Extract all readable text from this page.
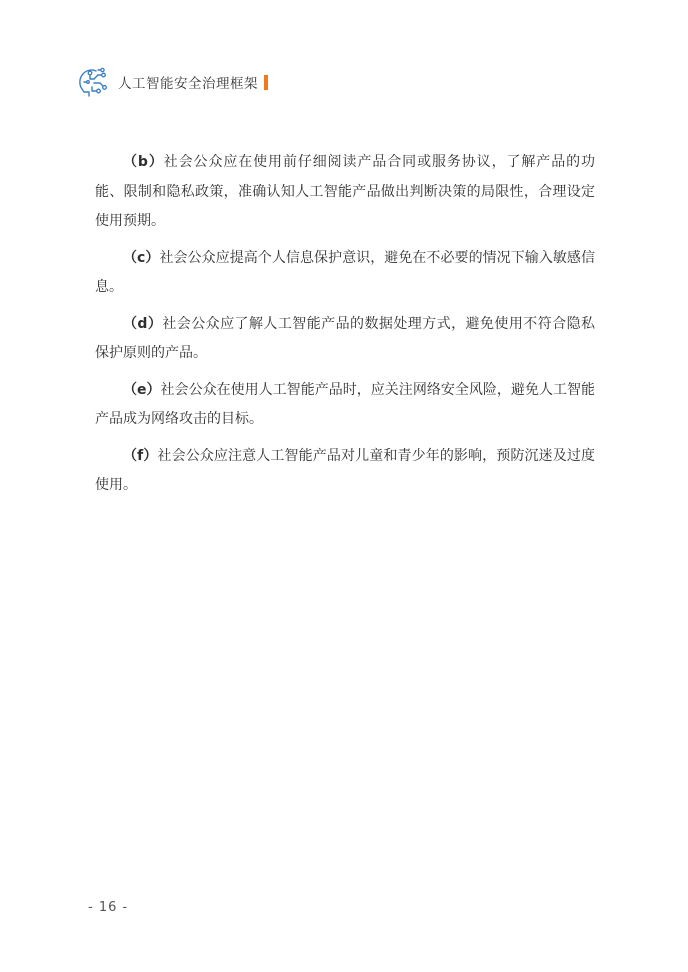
人工智能安全治理框架

（b）社会公众应在使用前仔细阅读产品合同或服务协议，了解产品的功能、限制和隐私政策，准确认知人工智能产品做出判断决策的局限性，合理设定使用预期。

（c）社会公众应提高个人信息保护意识，避免在不必要的情况下输入敏感信息。

（d）社会公众应了解人工智能产品的数据处理方式，避免使用不符合隐私保护原则的产品。

（e）社会公众在使用人工智能产品时，应关注网络安全风险，避免人工智能产品成为网络攻击的目标。

（f）社会公众应注意人工智能产品对儿童和青少年的影响，预防沉迷及过度使用。

- 16 -
